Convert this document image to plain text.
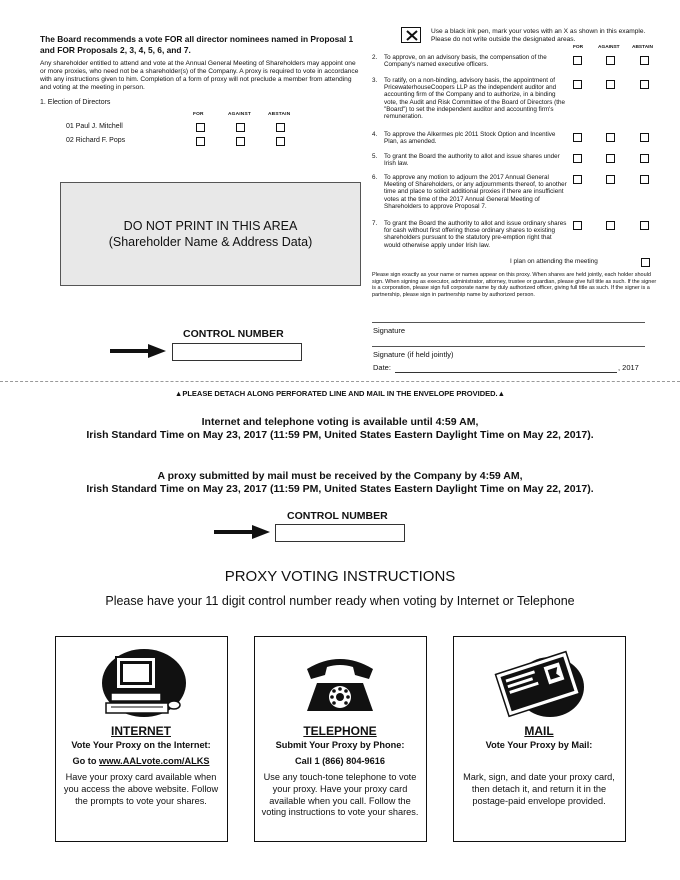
The Board recommends a vote FOR all director nominees named in Proposal 1 and FOR Proposals 2, 3, 4, 5, 6, and 7.
Any shareholder entitled to attend and vote at the Annual General Meeting of Shareholders may appoint one or more proxies, who need not be a shareholder(s) of the Company. A proxy is required to vote in accordance with any instructions given to him. Completion of a form of proxy will not preclude a member from attending and voting at the meeting in person.
1. Election of Directors
FOR	AGAINST	ABSTAIN
01 Paul J. Mitchell
02 Richard F. Pops
DO NOT PRINT IN THIS AREA
(Shareholder Name & Address Data)
CONTROL NUMBER
Use a black ink pen, mark your votes with an X as shown in this example. Please do not write outside the designated areas.
FOR	AGAINST	ABSTAIN
2.	To approve, on an advisory basis, the compensation of the Company's named executive officers.
3.	To ratify, on a non-binding, advisory basis, the appointment of PricewaterhouseCoopers LLP as the independent auditor and accounting firm of the Company and to authorize, in a binding vote, the Audit and Risk Committee of the Board of Directors (the "Board") to set the independent auditor and accounting firm's remuneration.
4.	To approve the Alkermes plc 2011 Stock Option and Incentive Plan, as amended.
5.	To grant the Board the authority to allot and issue shares under Irish law.
6.	To approve any motion to adjourn the 2017 Annual General Meeting of Shareholders, or any adjournments thereof, to another time and place to solicit additional proxies if there are insufficient votes at the time of the 2017 Annual General Meeting of Shareholders to approve Proposal 7.
7.	To grant the Board the authority to allot and issue ordinary shares for cash without first offering those ordinary shares to existing shareholders pursuant to the statutory pre-emption right that would otherwise apply under Irish law.
I plan on attending the meeting
Please sign exactly as your name or names appear on this proxy. When shares are held jointly, each holder should sign. When signing as executor, administrator, attorney, trustee or guardian, please give full title as such. If the signer is a corporation, please sign full corporate name by duly authorized officer, giving full title as such. If the signer is a partnership, please sign in partnership name by authorized person.
Signature
Signature (if held jointly)
Date:	, 2017
▲PLEASE DETACH ALONG PERFORATED LINE AND MAIL IN THE ENVELOPE PROVIDED.▲
Internet and telephone voting is available until 4:59 AM,
Irish Standard Time on May 23, 2017 (11:59 PM, United States Eastern Daylight Time on May 22, 2017).
A proxy submitted by mail must be received by the Company by 4:59 AM,
Irish Standard Time on May 23, 2017 (11:59 PM, United States Eastern Daylight Time on May 22, 2017).
CONTROL NUMBER
PROXY VOTING INSTRUCTIONS
Please have your 11 digit control number ready when voting by Internet or Telephone
INTERNET
Vote Your Proxy on the Internet:
Go to www.AALvote.com/ALKS
Have your proxy card available when you access the above website. Follow the prompts to vote your shares.
TELEPHONE
Submit Your Proxy by Phone:
Call 1 (866) 804-9616
Use any touch-tone telephone to vote your proxy. Have your proxy card available when you call. Follow the voting instructions to vote your shares.
MAIL
Vote Your Proxy by Mail:
Mark, sign, and date your proxy card, then detach it, and return it in the postage-paid envelope provided.
